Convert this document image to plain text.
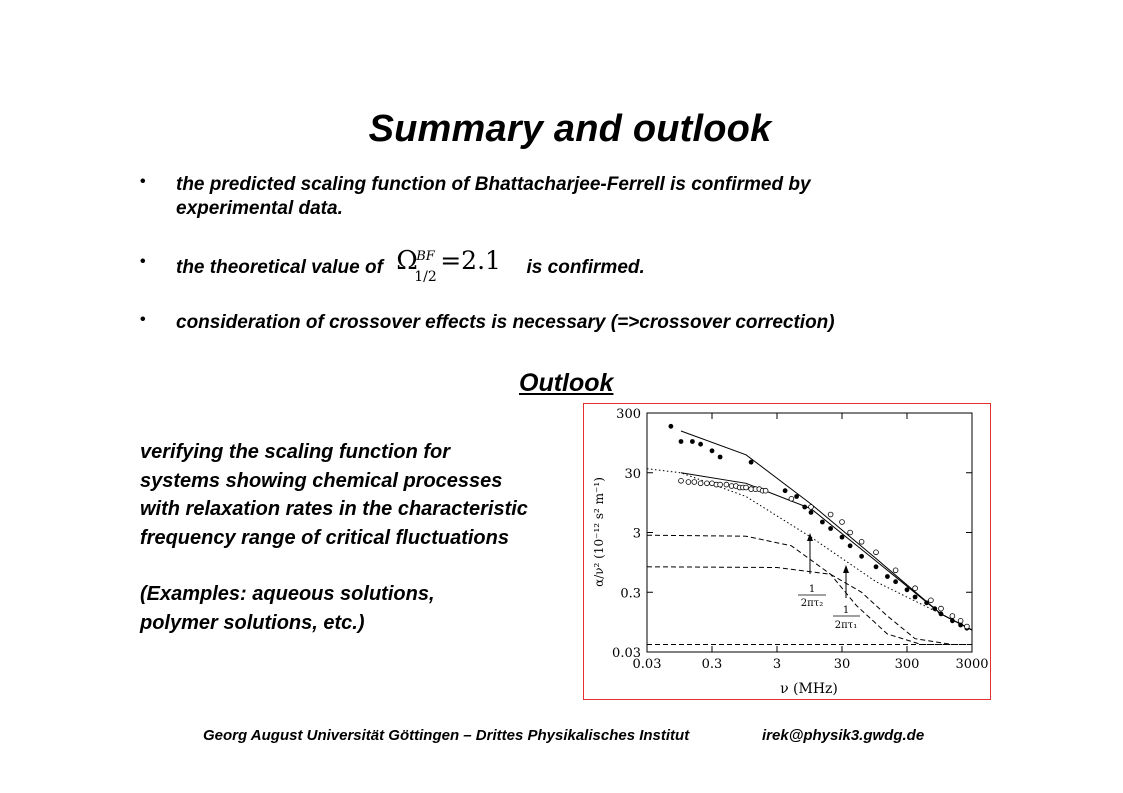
Summary and outlook
• the predicted scaling function of Bhattacharjee-Ferrell is confirmed by
experimental data.
• the theoretical value of Ω
BF
1/2
=2.1 is confirmed.
• consideration of crossover effects is necessary (=>crossover correction)
Outlook
verifying the scaling function for
systems showing chemical processes
with relaxation rates in the characteristic
frequency range of critical fluctuations
(Examples: aqueous solutions,
polymer solutions, etc.)
0.03	0.3	3	30	300	3000
0.03
0.3
3
30
300
ν (MHz)
α/ν² (10⁻¹² s² m⁻¹)
1
2πτ₂
1
2πτ₁
Georg August Universität Göttingen – Drittes Physikalisches Institut	irek@physik3.gwdg.de
